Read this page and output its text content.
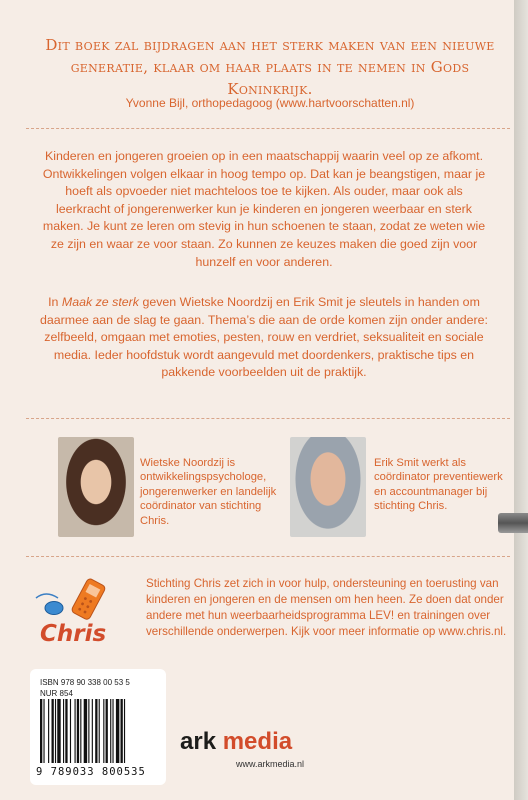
Dit boek zal bijdragen aan het sterk maken van een nieuwe generatie, klaar om haar plaats in te nemen in Gods Koninkrijk.
Yvonne Bijl, orthopedagoog (www.hartvoorschatten.nl)
Kinderen en jongeren groeien op in een maatschappij waarin veel op ze afkomt. Ontwikkelingen volgen elkaar in hoog tempo op. Dat kan je beangstigen, maar je hoeft als opvoeder niet machteloos toe te kijken. Als ouder, maar ook als leerkracht of jongerenwerker kun je kinderen en jongeren weerbaar en sterk maken. Je kunt ze leren om stevig in hun schoenen te staan, zodat ze weten wie ze zijn en waar ze voor staan. Zo kunnen ze keuzes maken die goed zijn voor hunzelf en voor anderen.
In Maak ze sterk geven Wietske Noordzij en Erik Smit je sleutels in handen om daarmee aan de slag te gaan. Thema’s die aan de orde komen zijn onder andere: zelfbeeld, omgaan met emoties, pesten, rouw en verdriet, seksualiteit en sociale media. Ieder hoofdstuk wordt aangevuld met doordenkers, praktische tips en pakkende voorbeelden uit de praktijk.
Wietske Noordzij is ontwikkelingspsychologe, jongerenwerker en landelijk coördinator van stichting Chris.
Erik Smit werkt als coördinator preventiewerk en accountmanager bij stichting Chris.
Chris
Stichting Chris zet zich in voor hulp, ondersteuning en toerusting van kinderen en jongeren en de mensen om hen heen. Ze doen dat onder andere met hun weerbaarheidsprogramma LEV! en trainingen over verschillende onderwerpen. Kijk voor meer informatie op www.chris.nl.
ISBN 978 90 338 00 53 5
NUR 854
9 789033 800535
ark media
www.arkmedia.nl
